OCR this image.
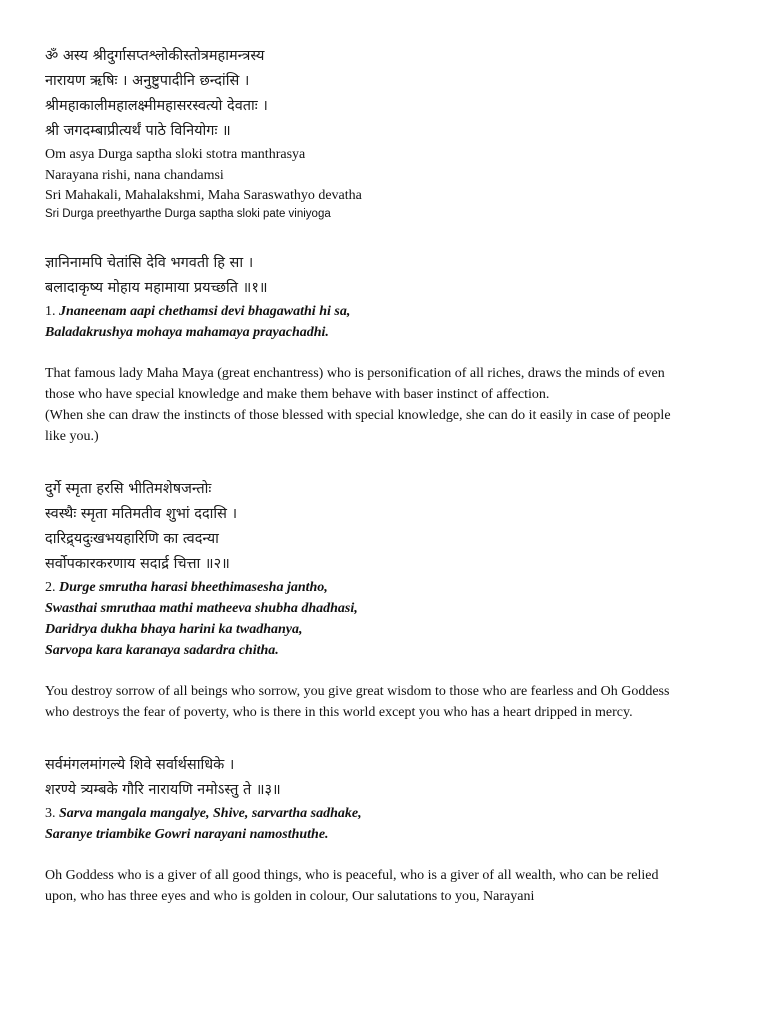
ॐ अस्य श्रीदुर्गासप्तश्लोकीस्तोत्रमहामन्त्रस्य
नारायण ऋषिः । अनुष्टुपादीनि छन्दांसि ।
श्रीमहाकालीमहालक्ष्मीमहासरस्वत्यो देवताः ।
श्री जगदम्बाप्रीत्यर्थं पाठे विनियोगः ॥
Om asya Durga saptha sloki stotra manthrasya
Narayana rishi, nana chandamsi
Sri Mahakali, Mahalakshmi, Maha Saraswathyo devatha
Sri Durga preethyarthe Durga saptha sloki pate viniyoga
ज्ञानिनामपि चेतांसि देवि भगवती हि सा ।
बलादाकृष्य मोहाय महामाया प्रयच्छति ॥१॥
1. Jnaneenam aapi chethamsi devi bhagawathi hi sa,
Baladakrushya mohaya mahamaya prayachadhi.
That famous lady Maha Maya (great enchantress) who is personification of all riches, draws the minds of even
those who have special knowledge and make them behave with baser instinct of affection.
(When she can draw the instincts of those blessed with special knowledge, she can do it easily in case of people
like you.)
दुर्गे स्मृता हरसि भीतिमशेषजन्तोः
स्वस्थैः स्मृता मतिमतीव शुभां ददासि ।
दारिद्र्यदुःखभयहारिणि का त्वदन्या
सर्वोपकारकरणाय सदार्द्र चित्ता ॥२॥
2. Durge smrutha harasi bheethimasesha jantho,
Swasthai smruthaa mathi matheeva shubha dhadhasi,
Daridrya dukha bhaya harini ka twadhanya,
Sarvopa kara karanaya sadardra chitha.
You destroy sorrow of all beings who sorrow, you give great wisdom to those who are fearless and Oh Goddess
who destroys the fear of poverty, who is there in this world except you who has a heart dripped in mercy.
सर्वमंगलमांगल्ये शिवे सर्वार्थसाधिके ।
शरण्ये त्र्यम्बके गौरि नारायणि नमोऽस्तु ते ॥३॥
3. Sarva mangala mangalye, Shive, sarvartha sadhake,
Saranye triambike Gowri narayani namosthuthe.
Oh Goddess who is a giver of all good things, who is peaceful, who is a giver of all wealth, who can be relied
upon, who has three eyes and who is golden in colour, Our salutations to you, Narayani
